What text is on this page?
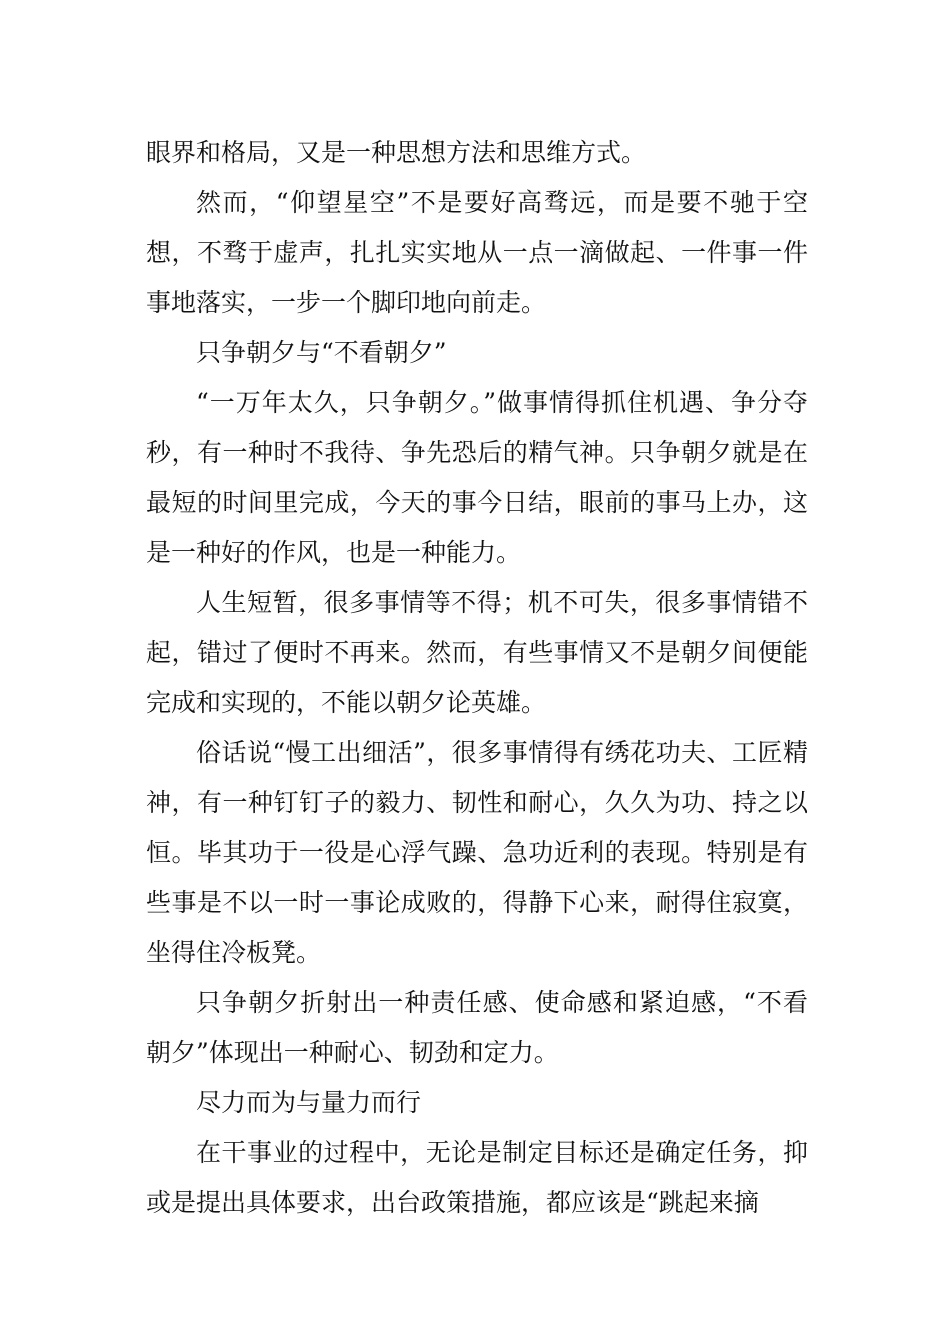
眼界和格局，又是一种思想方法和思维方式。

然而，“仰望星空”不是要好高骛远，而是要不驰于空想，不骛于虚声，扎扎实实地从一点一滴做起、一件事一件事地落实，一步一个脚印地向前走。

只争朝夕与“不看朝夕”

“一万年太久，只争朝夕。”做事情得抓住机遇、争分夺秒，有一种时不我待、争先恐后的精气神。只争朝夕就是在最短的时间里完成，今天的事今日结，眼前的事马上办，这是一种好的作风，也是一种能力。

人生短暂，很多事情等不得；机不可失，很多事情错不起，错过了便时不再来。然而，有些事情又不是朝夕间便能完成和实现的，不能以朝夕论英雄。

俗话说“慢工出细活”，很多事情得有绣花功夫、工匠精神，有一种钉钉子的毅力、韧性和耐心，久久为功、持之以恒。毕其功于一役是心浮气躁、急功近利的表现。特别是有些事是不以一时一事论成败的，得静下心来，耐得住寂寞，坐得住冷板凳。

只争朝夕折射出一种责任感、使命感和紧迫感，“不看朝夕”体现出一种耐心、韧劲和定力。

尽力而为与量力而行

在干事业的过程中，无论是制定目标还是确定任务，抑或是提出具体要求，出台政策措施，都应该是“跳起来摘
